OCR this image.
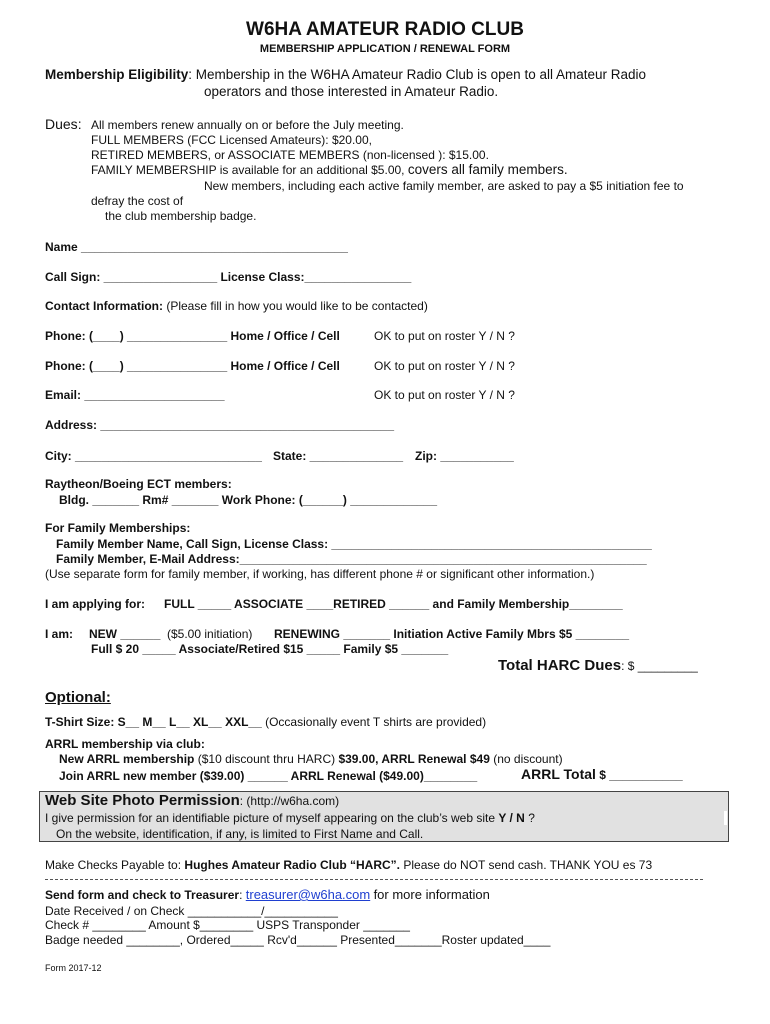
W6HA AMATEUR RADIO CLUB
MEMBERSHIP APPLICATION / RENEWAL FORM
Membership Eligibility: Membership in the W6HA Amateur Radio Club is open to all Amateur Radio
operators and those interested in Amateur Radio.
Dues: All members renew annually on or before the July meeting.
FULL MEMBERS (FCC Licensed Amateurs): $20.00,
RETIRED MEMBERS, or ASSOCIATE MEMBERS (non-licensed ): $15.00.
FAMILY MEMBERSHIP is available for an additional $5.00, covers all family members.
New members, including each active family member, are asked to pay a $5 initiation fee to
defray the cost of
the club membership badge.
Name ________________________________________
Call Sign: _________________ License Class:________________
Contact Information: (Please fill in how you would like to be contacted)
Phone: (____) _______________ Home / Office / Cell	OK to put on roster Y / N ?
Phone: (____) _______________ Home / Office / Cell	OK to put on roster Y / N ?
Email: _____________________	OK to put on roster Y / N ?
Address: ____________________________________________
City: ____________________________ State: ______________ Zip: ___________
Raytheon/Boeing ECT members:
Bldg. _______ Rm# _______ Work Phone: (______) _____________
For Family Memberships:
Family Member Name, Call Sign, License Class: ________________________________________________
Family Member, E-Mail Address:_____________________________________________________________
(Use separate form for family member, if working, has different phone # or significant other information.)
I am applying for: FULL _____ ASSOCIATE ____RETIRED ______ and Family Membership________
I am: NEW ______ ($5.00 initiation) RENEWING _______ Initiation Active Family Mbrs $5 ________
Full $ 20 _____ Associate/Retired $15 _____ Family $5 _______
Total HARC Dues: $ _________
Optional:
T-Shirt Size: S__ M__ L__ XL__ XXL__ (Occasionally event T shirts are provided)
ARRL membership via club:
New ARRL membership ($10 discount thru HARC) $39.00, ARRL Renewal $49 (no discount)
Join ARRL new member ($39.00) ______ ARRL Renewal ($49.00)________	ARRL Total $ ___________
Web Site Photo Permission: (http://w6ha.com)
I give permission for an identifiable picture of myself appearing on the club’s web site Y / N ?
On the website, identification, if any, is limited to First Name and Call.
Make Checks Payable to: Hughes Amateur Radio Club “HARC”. Please do NOT send cash. THANK YOU es 73
Send form and check to Treasurer: treasurer@w6ha.com for more information
Date Received / on Check ___________/___________
Check # ________ Amount $________ USPS Transponder _______
Badge needed ________, Ordered_____ Rcv'd______ Presented_______Roster updated____
Form 2017-12
